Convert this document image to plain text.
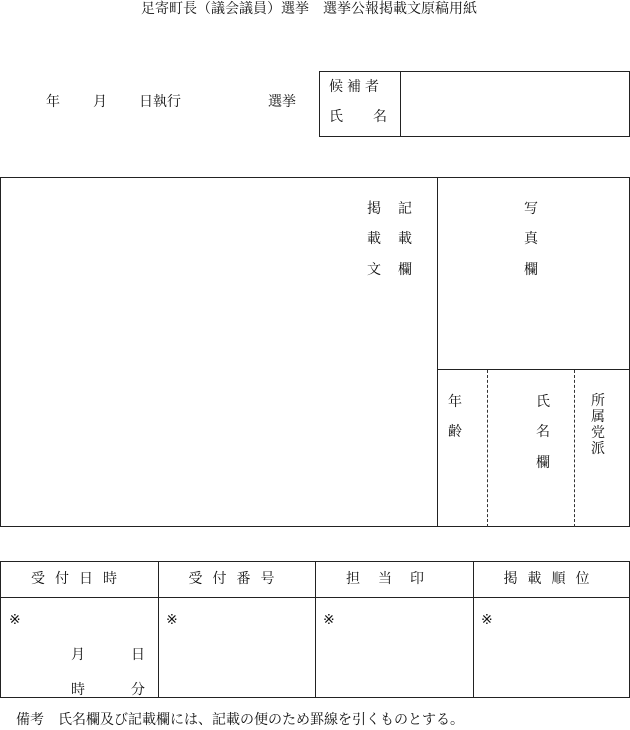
足寄町長（議会議員）選挙　選挙公報掲載文原稿用紙
年 月 日執行	選挙
候補者
氏 名
掲 記
載 載
文 欄
写
真
欄
年
齢
氏
名
欄
所
属
党
派
受付日時	受付番号	担当印	掲載順位
※	※	※	※
月	日
時	分
備考　氏名欄及び記載欄には、記載の便のため罫線を引くものとする。
